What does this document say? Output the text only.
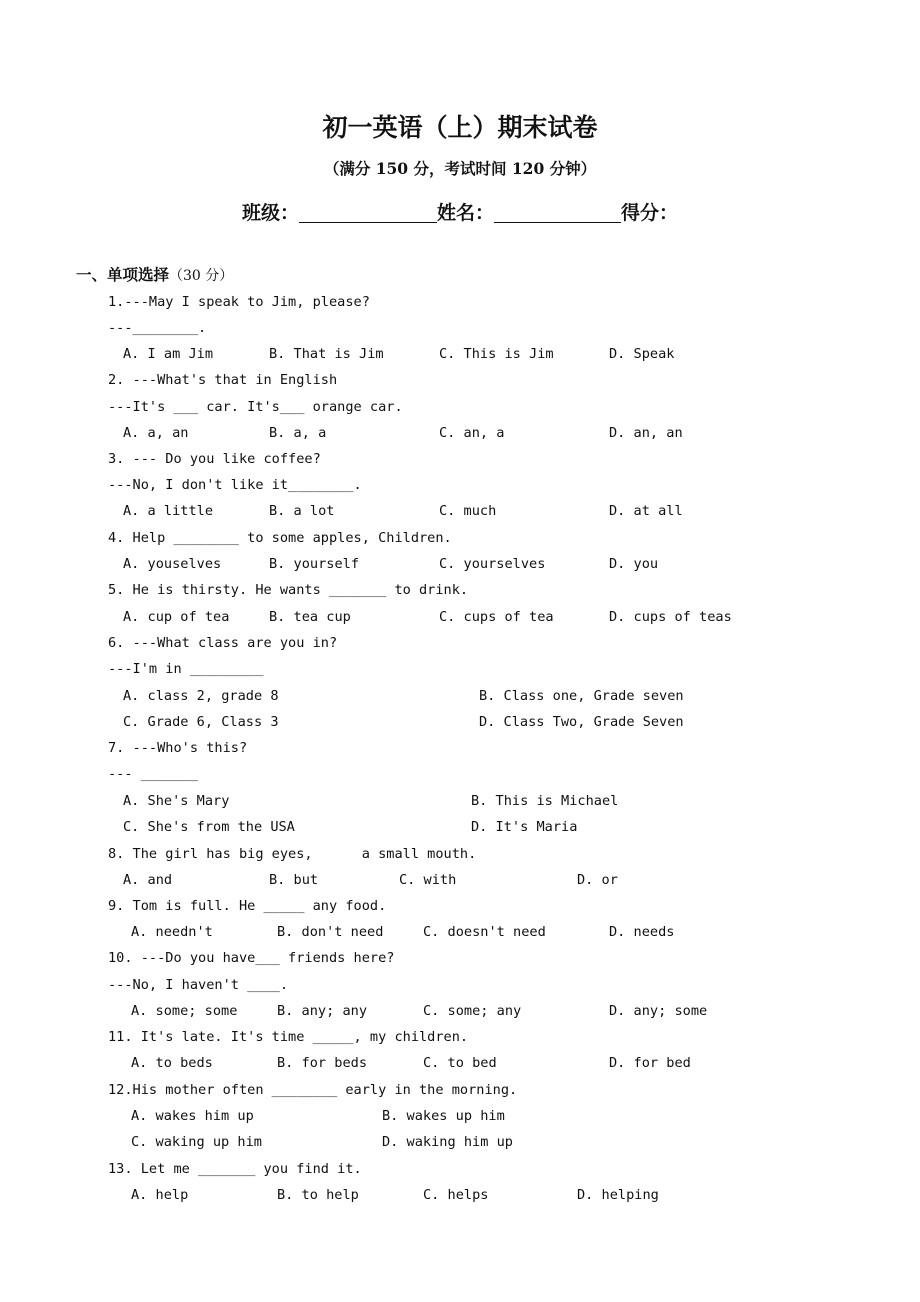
初一英语（上）期末试卷
（满分 150 分，考试时间 120 分钟）
班级：	姓名：	得分：
一、单项选择（30 分）

1.---May I speak to Jim, please?

---________.

A. I am Jim

	B. That is Jim

	C. This is Jim

	D. Speak

2. ---What's that in English

---It's ___ car. It's___ orange car.

A. a, an

	B. a, a

	C. an, a

	D. an, an

3. --- Do you like coffee?

---No, I don't like it________.

A. a little

	B. a lot

	C. much

	D. at all

4. Help ________ to some apples, Children.

A. youselves

	B. yourself

	C. yourselves

	D. you

5. He is thirsty. He wants _______ to drink.

A. cup of tea

	B. tea cup

	C. cups of tea

	D. cups of teas

6. ---What class are you in?

---I'm in _________

A. class 2, grade 8

	B. Class one, Grade seven

C. Grade 6, Class 3

	D. Class Two, Grade Seven

7. ---Who's this?

--- _______

A. She's Mary

	B. This is Michael

C. She's from the USA

	D. It's Maria

8. The girl has big eyes,      a small mouth.

A. and

	B. but

	C. with

	D. or

9. Tom is full. He _____ any food.

A. needn't

	B. don't need

	C. doesn't need

	D. needs

10. ---Do you have___ friends here?

---No, I haven't ____.

A. some; some

	B. any; any

	C. some; any

	D. any; some

11. It's late. It's time _____, my children.

A. to beds

	B. for beds

	C. to bed

	D. for bed

12.His mother often ________ early in the morning.

A. wakes him up

	B. wakes up him

C. waking up him

	D. waking him up

13. Let me _______ you find it.

A. help

	B. to help

	C. helps

	D. helping
